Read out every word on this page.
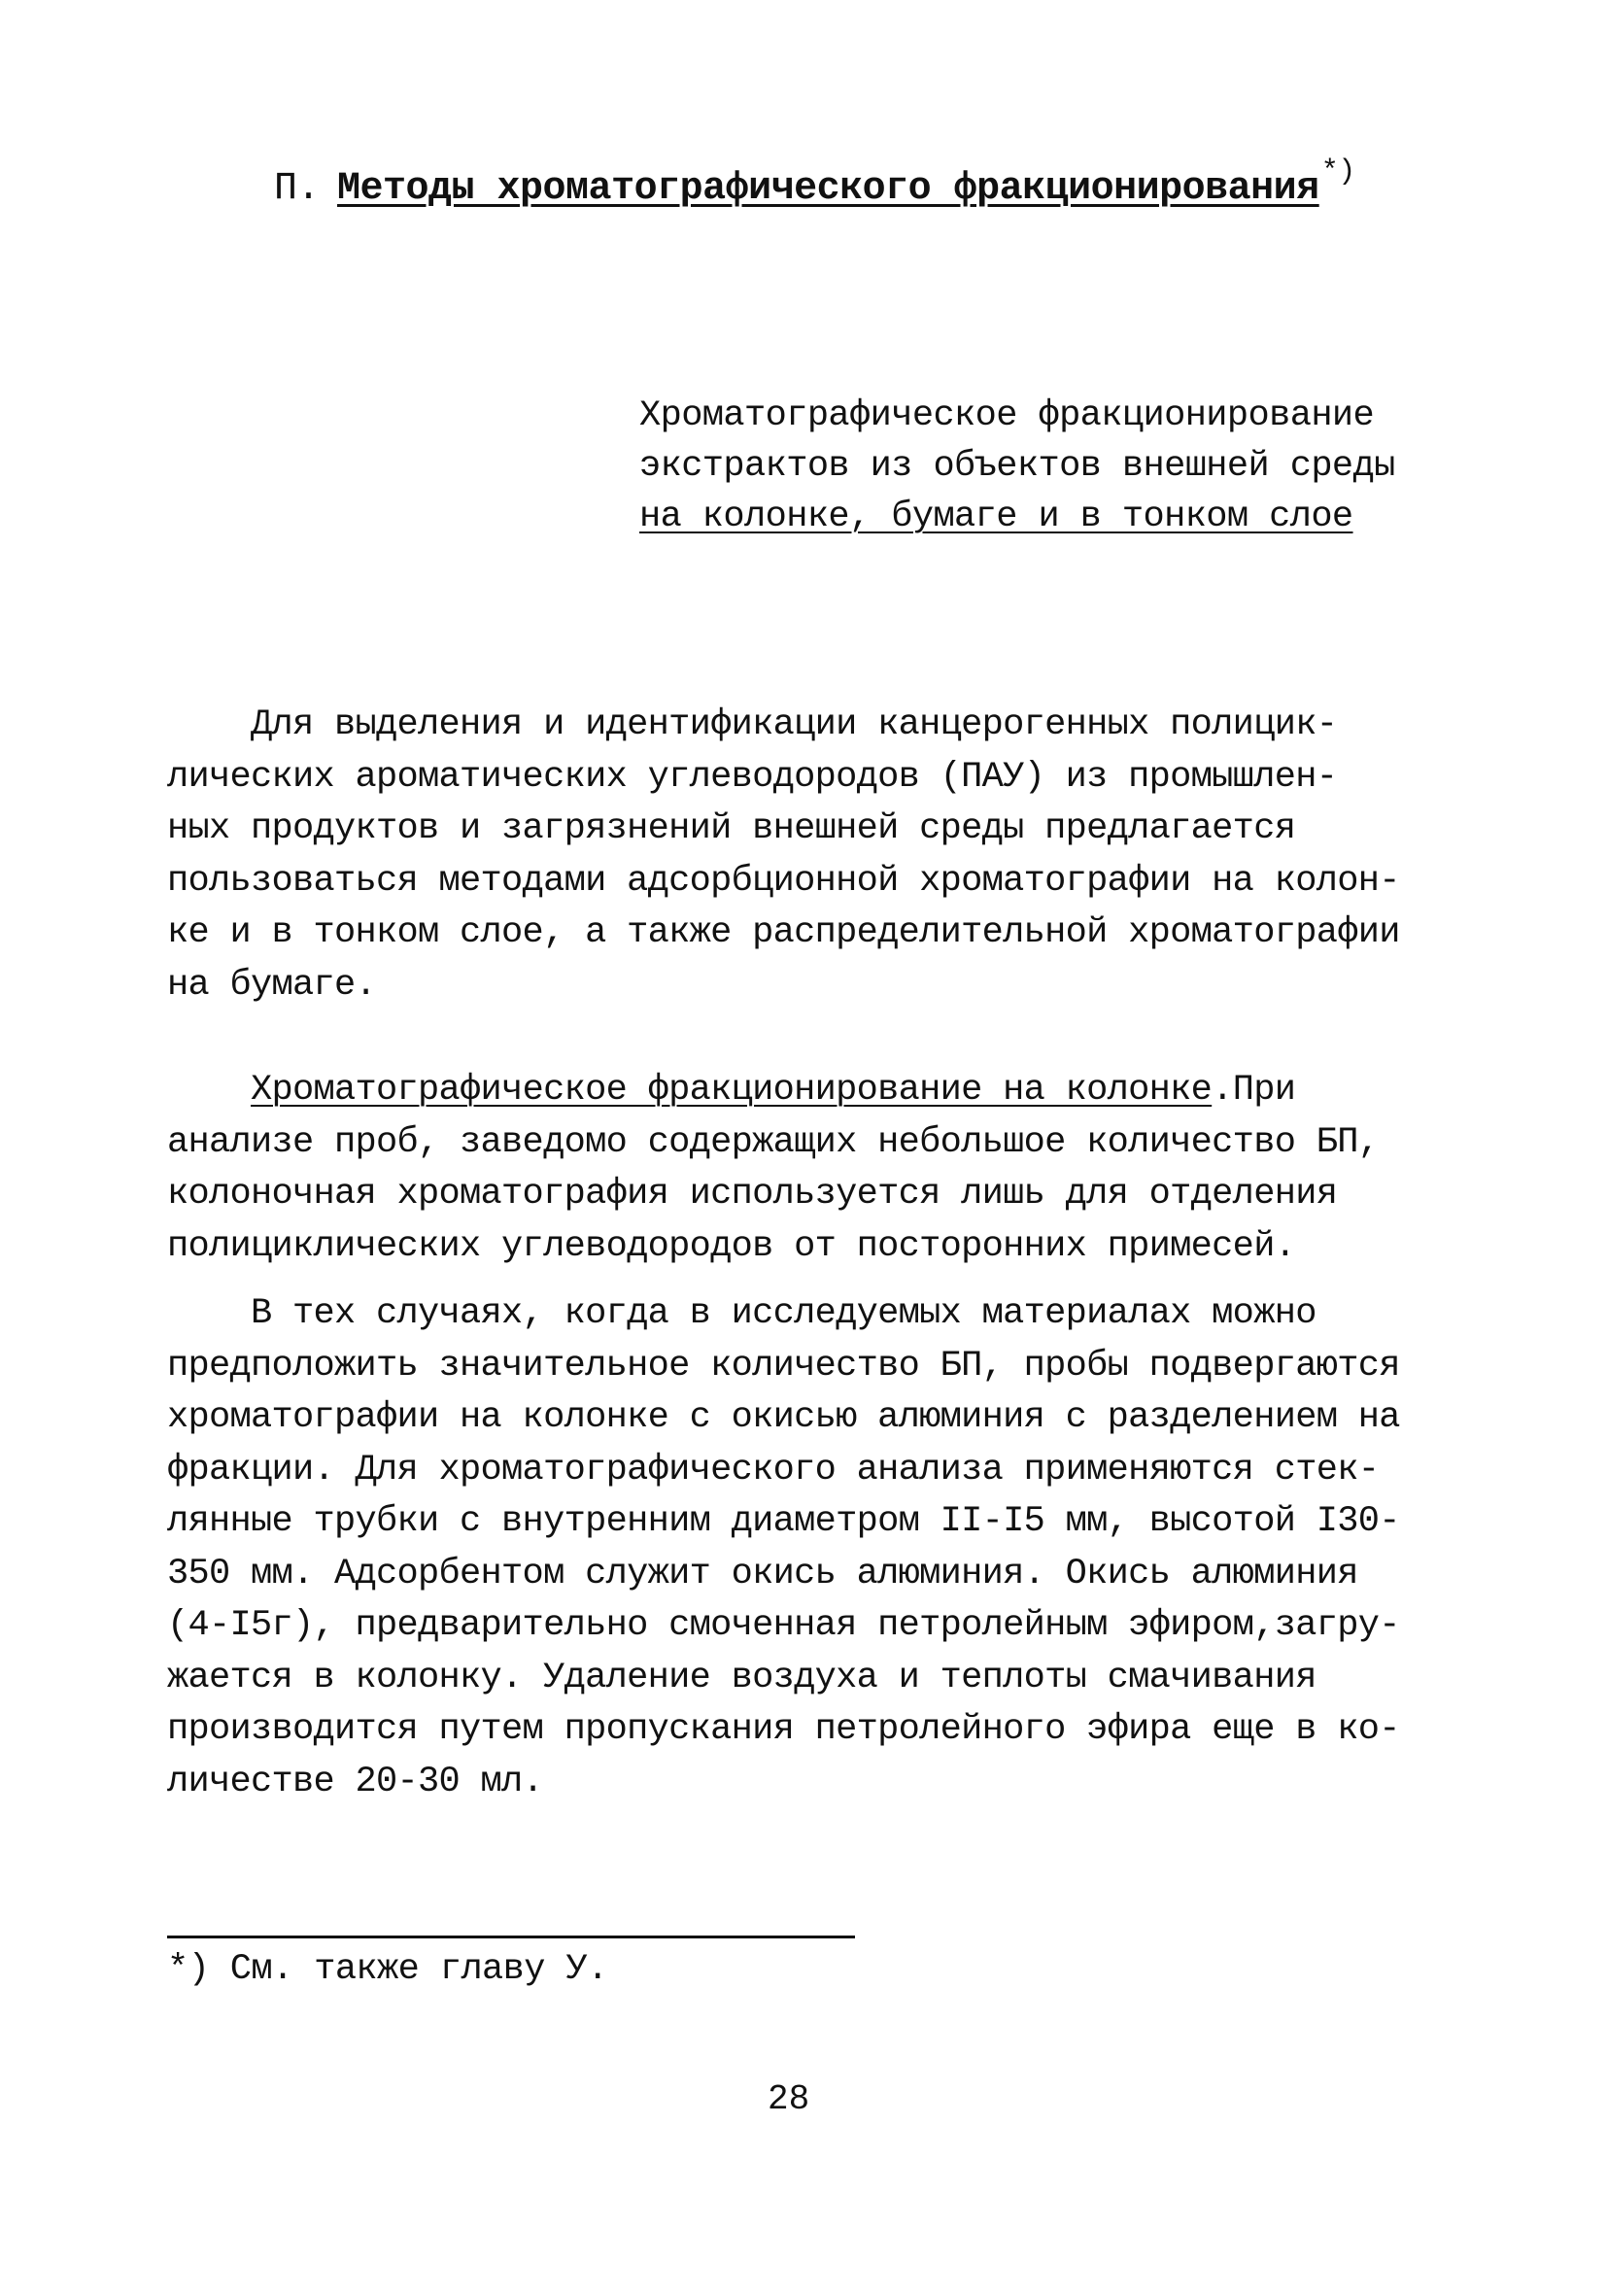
П. Методы хроматографического фракционирования*)
Хроматографическое фракционирование
экстрактов из объектов внешней среды
на колонке, бумаге и в тонком слое
Для выделения и идентификации канцерогенных полицик-
лических ароматических углеводородов (ПАУ) из промышлен-
ных продуктов и загрязнений внешней среды предлагается
пользоваться методами адсорбционной хроматографии на колон-
ке и в тонком слое, а также распределительной хроматографии
на бумаге.
Хроматографическое фракционирование на колонке.При
анализе проб, заведомо содержащих небольшое количество БП,
колоночная хроматография используется лишь для отделения
полициклических углеводородов от посторонних примесей.
В тех случаях, когда в исследуемых материалах можно
предположить значительное количество БП, пробы подвергаются
хроматографии на колонке с окисью алюминия с разделением на
фракции. Для хроматографического анализа применяются стек-
лянные трубки с внутренним диаметром II-I5 мм, высотой I30-
350 мм. Адсорбентом служит окись алюминия. Окись алюминия
(4-I5г), предварительно смоченная петролейным эфиром,загру-
жается в колонку. Удаление воздуха и теплоты смачивания
производится путем пропускания петролейного эфира еще в ко-
личестве 20-30 мл.
*) См. также главу У.
28
